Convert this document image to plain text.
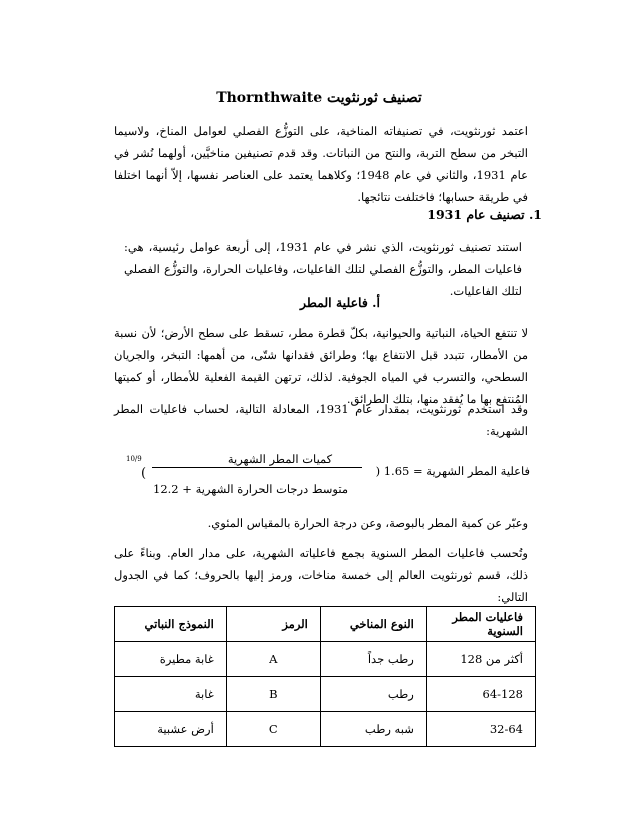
تصنيف ثورنثويت Thornthwaite
اعتمد ثورنثويت، في تصنيفاته المناخية، على التوزُّع الفصلي لعوامل المناخ، ولاسيما التبخر من سطح التربة، والنتح من النباتات. وقد قدم تصنيفين مناخيَّين، أولهما نُشر في عام 1931، والثاني في عام 1948؛ وكلاهما يعتمد على العناصر نفسها، إلاّ أنهما اختلفا في طريقة حسابها؛ فاختلفت نتائجها.
1. تصنيف عام 1931
استند تصنيف ثورنثويت، الذي نشر في عام 1931، إلى أربعة عوامل رئيسية، هي: فاعليات المطر، والتوزُّع الفصلي لتلك الفاعليات، وفاعليات الحرارة، والتوزُّع الفصلي لتلك الفاعليات.
أ. فاعلية المطر
لا تنتفع الحياة، النباتية والحيوانية، بكلّ قطرة مطر، تسقط على سطح الأرض؛ لأن نسبة من الأمطار، تتبدد قبل الانتفاع بها؛ وطرائق فقدانها شتّى، من أهمها: التبخر، والجريان السطحي، والتسرب في المياه الجوفية. لذلك، ترتهن القيمة الفعلية للأمطار، أو كميتها المُنتفع بها ما يُفقد منها، بتلك الطرائق.
وقد استخدم ثورنثويت، بمقدار عام 1931، المعادلة التالية، لحساب فاعليات المطر الشهرية:
فاعلية المطر الشهرية = 1.65 (
كميات المطر الشهرية
متوسط درجات الحرارة الشهرية + 12.2
)
10/9
وعبّر عن كمية المطر بالبوصة، وعن درجة الحرارة بالمقياس المئوي.
وتُحسب فاعليات المطر السنوية بجمع فاعلياته الشهرية، على مدار العام. وبناءً على ذلك، قسم ثورنثويت العالم إلى خمسة مناخات، ورمز إليها بالحروف؛ كما في الجدول التالي:
فاعليات المطر السنوية	النوع المناخي	الرمز	النموذج النباتي
أكثر من 128	رطب جداً	A	غابة مطيرة
64-128	رطب	B	غابة
32-64	شبه رطب	C	أرض عشبية
